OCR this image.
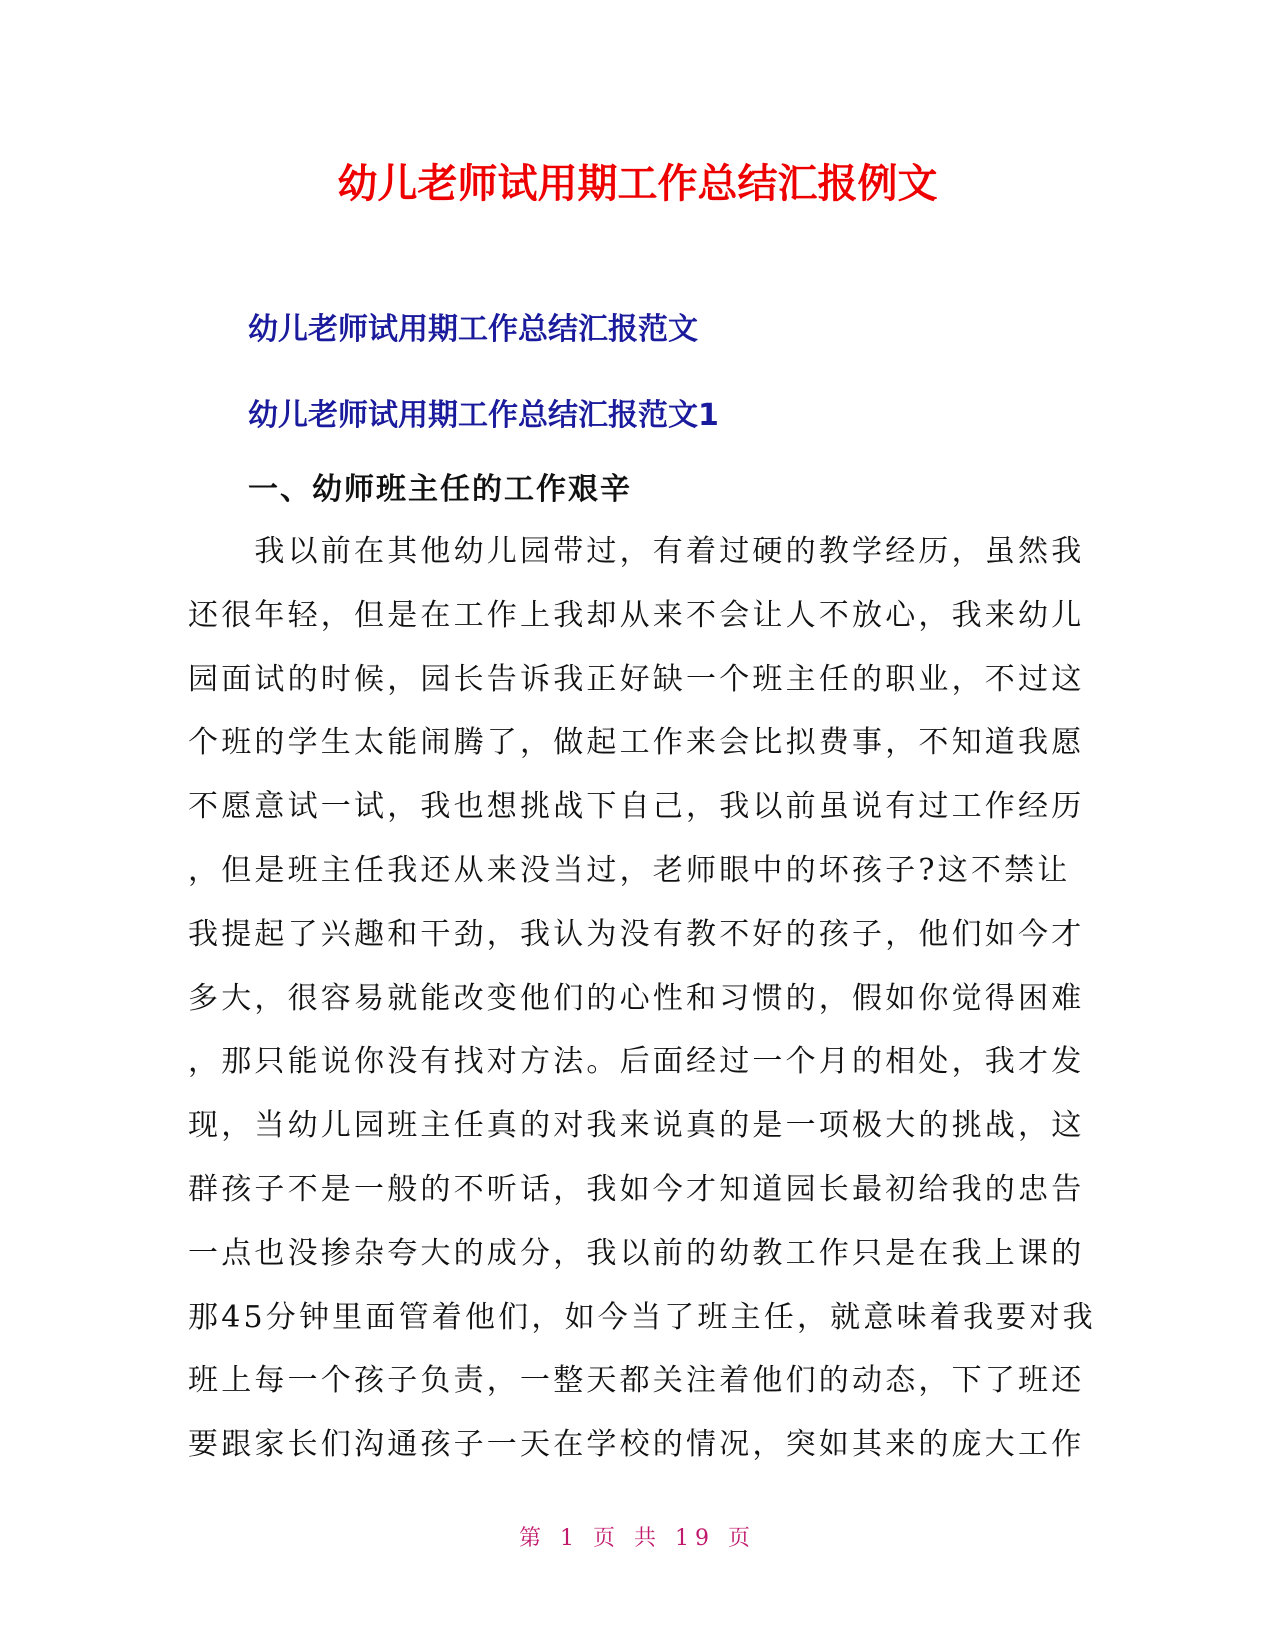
幼儿老师试用期工作总结汇报例文
幼儿老师试用期工作总结汇报范文
幼儿老师试用期工作总结汇报范文1
一、幼师班主任的工作艰辛
　　我以前在其他幼儿园带过，有着过硬的教学经历，虽然我
还很年轻，但是在工作上我却从来不会让人不放心，我来幼儿
园面试的时候，园长告诉我正好缺一个班主任的职业，不过这
个班的学生太能闹腾了，做起工作来会比拟费事，不知道我愿
不愿意试一试，我也想挑战下自己，我以前虽说有过工作经历
，但是班主任我还从来没当过，老师眼中的坏孩子?这不禁让
我提起了兴趣和干劲，我认为没有教不好的孩子，他们如今才
多大，很容易就能改变他们的心性和习惯的，假如你觉得困难
，那只能说你没有找对方法。后面经过一个月的相处，我才发
现，当幼儿园班主任真的对我来说真的是一项极大的挑战，这
群孩子不是一般的不听话，我如今才知道园长最初给我的忠告
一点也没掺杂夸大的成分，我以前的幼教工作只是在我上课的
那45分钟里面管着他们，如今当了班主任，就意味着我要对我
班上每一个孩子负责，一整天都关注着他们的动态，下了班还
要跟家长们沟通孩子一天在学校的情况，突如其来的庞大工作
第 1 页 共 19 页
